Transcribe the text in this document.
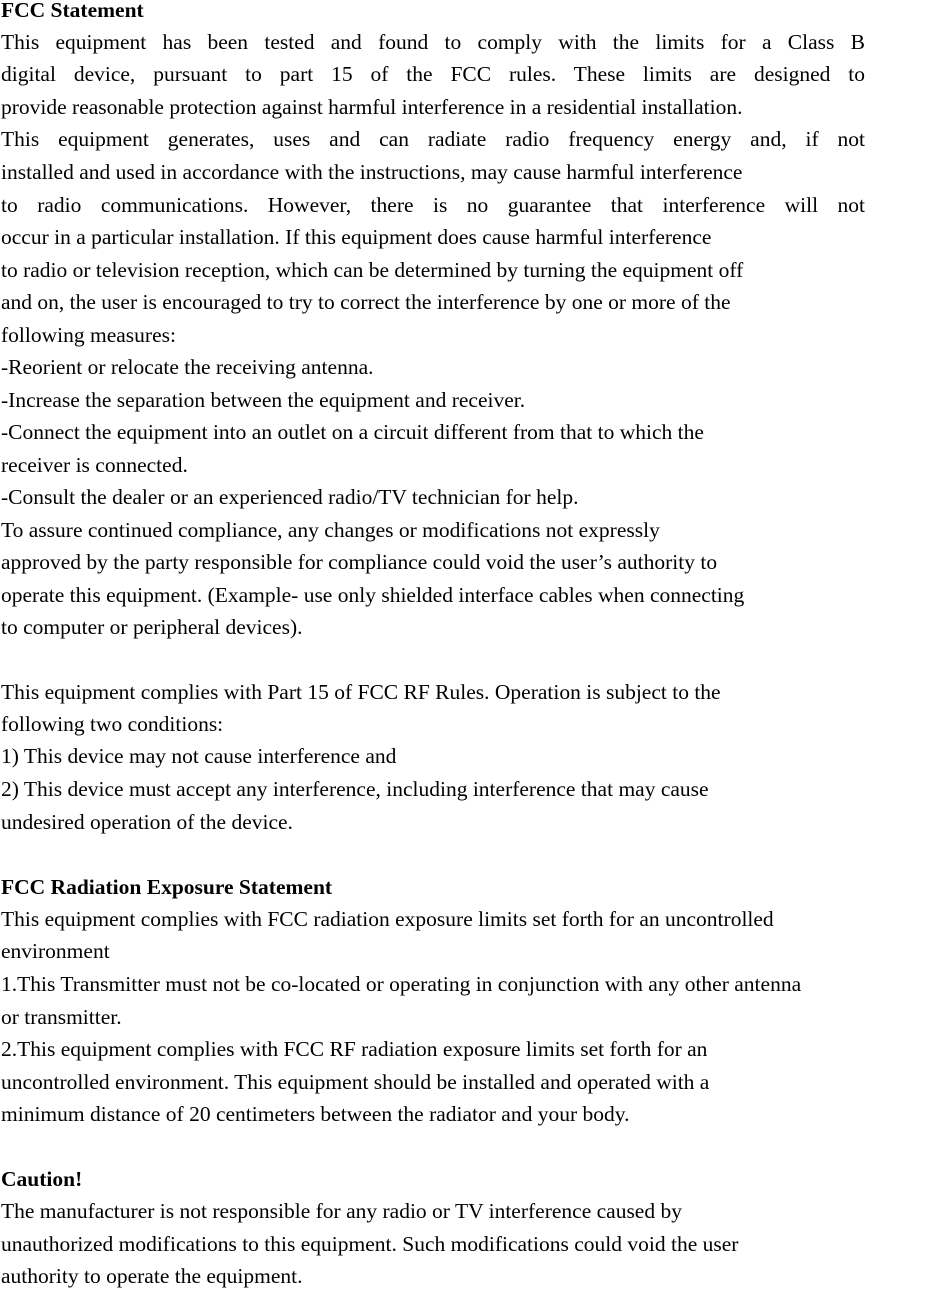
FCC Statement
This equipment has been tested and found to comply with the limits for a Class B
digital device, pursuant to part 15 of the FCC rules. These limits are designed to
provide reasonable protection against harmful interference in a residential installation.
This equipment generates, uses and can radiate radio frequency energy and, if not
installed and used in accordance with the instructions, may cause harmful interference
to radio communications. However, there is no guarantee that interference will not
occur in a particular installation. If this equipment does cause harmful interference
to radio or television reception, which can be determined by turning the equipment off
and on, the user is encouraged to try to correct the interference by one or more of the
following measures:
-Reorient or relocate the receiving antenna.
-Increase the separation between the equipment and receiver.
-Connect the equipment into an outlet on a circuit different from that to which the
receiver is connected.
-Consult the dealer or an experienced radio/TV technician for help.
To assure continued compliance, any changes or modifications not expressly
approved by the party responsible for compliance could void the user’s authority to
operate this equipment. (Example- use only shielded interface cables when connecting
to computer or peripheral devices).
This equipment complies with Part 15 of FCC RF Rules. Operation is subject to the
following two conditions:
1) This device may not cause interference and
2) This device must accept any interference, including interference that may cause
undesired operation of the device.
FCC Radiation Exposure Statement
This equipment complies with FCC radiation exposure limits set forth for an uncontrolled
environment
1.This Transmitter must not be co-located or operating in conjunction with any other antenna
or transmitter.
2.This equipment complies with FCC RF radiation exposure limits set forth for an
uncontrolled environment. This equipment should be installed and operated with a
minimum distance of 20 centimeters between the radiator and your body.
Caution!
The manufacturer is not responsible for any radio or TV interference caused by
unauthorized modifications to this equipment. Such modifications could void the user
authority to operate the equipment.
